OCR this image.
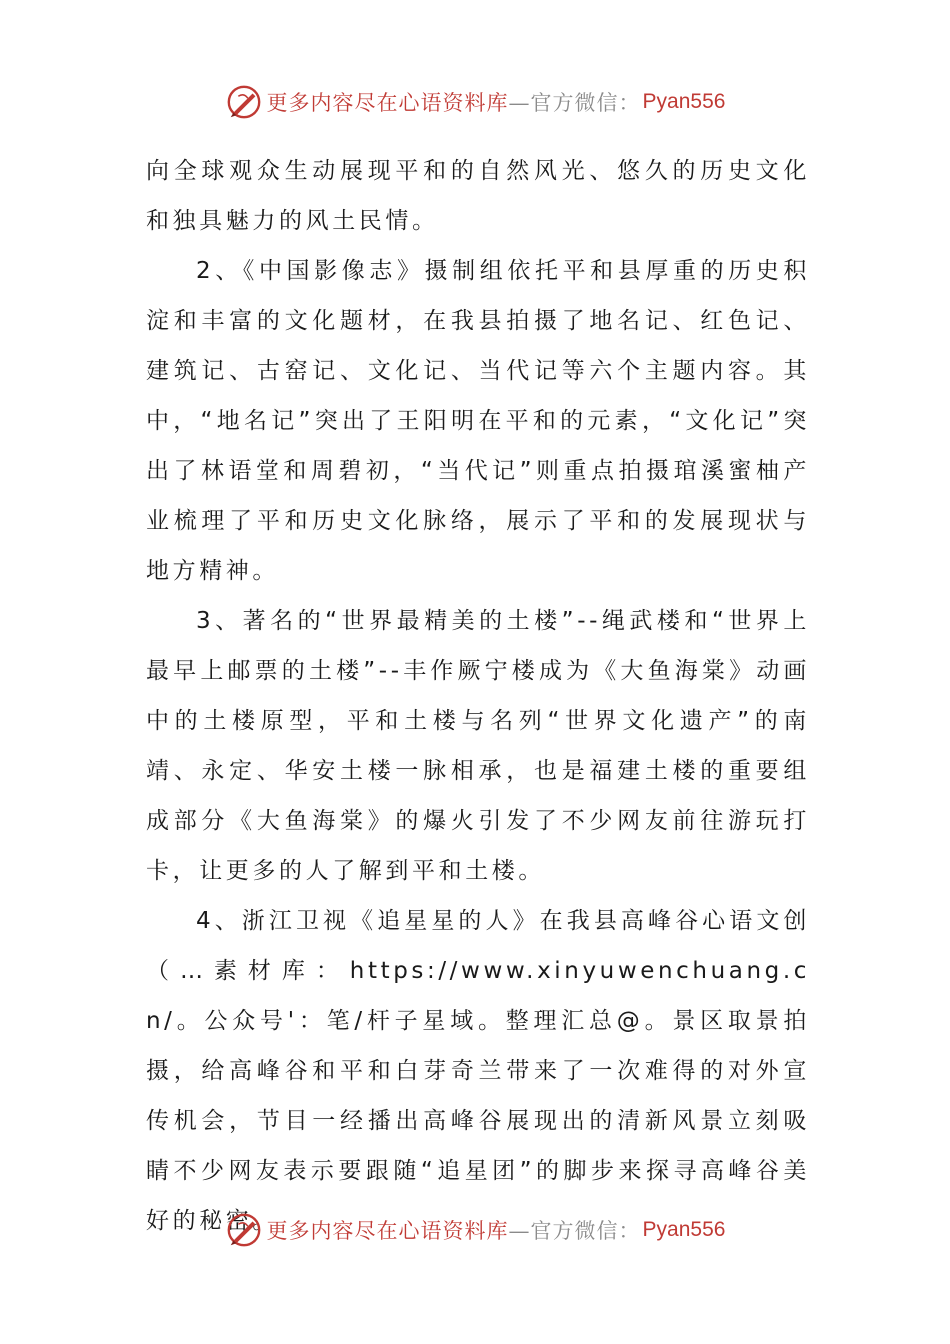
更多内容尽在心语资料库 —官方微信： Pyan556

向全球观众生动展现平和的自然风光、悠久的历史文化和独具魅力的风土民情。

2、《中国影像志》摄制组依托平和县厚重的历史积淀和丰富的文化题材，在我县拍摄了地名记、红色记、建筑记、古窑记、文化记、当代记等六个主题内容。其中，“地名记”突出了王阳明在平和的元素，“文化记”突出了林语堂和周碧初，“当代记”则重点拍摄琯溪蜜柚产业梳理了平和历史文化脉络，展示了平和的发展现状与地方精神。

3、著名的“世界最精美的土楼”--绳武楼和“世界上最早上邮票的土楼”--丰作厥宁楼成为《大鱼海棠》动画中的土楼原型，平和土楼与名列“世界文化遗产”的南靖、永定、华安土楼一脉相承，也是福建土楼的重要组成部分《大鱼海棠》的爆火引发了不少网友前往游玩打卡，让更多的人了解到平和土楼。

4、浙江卫视《追星星的人》在我县高峰谷心语文创（…素材库：https://www.xinyuwenchuang.cn/。公众号'：笔/杆子星域。整理汇总@。景区取景拍摄，给高峰谷和平和白芽奇兰带来了一次难得的对外宣传机会，节目一经播出高峰谷展现出的清新风景立刻吸睛不少网友表示要跟随“追星团”的脚步来探寻高峰谷美好的秘密。

更多内容尽在心语资料库 —官方微信： Pyan556
